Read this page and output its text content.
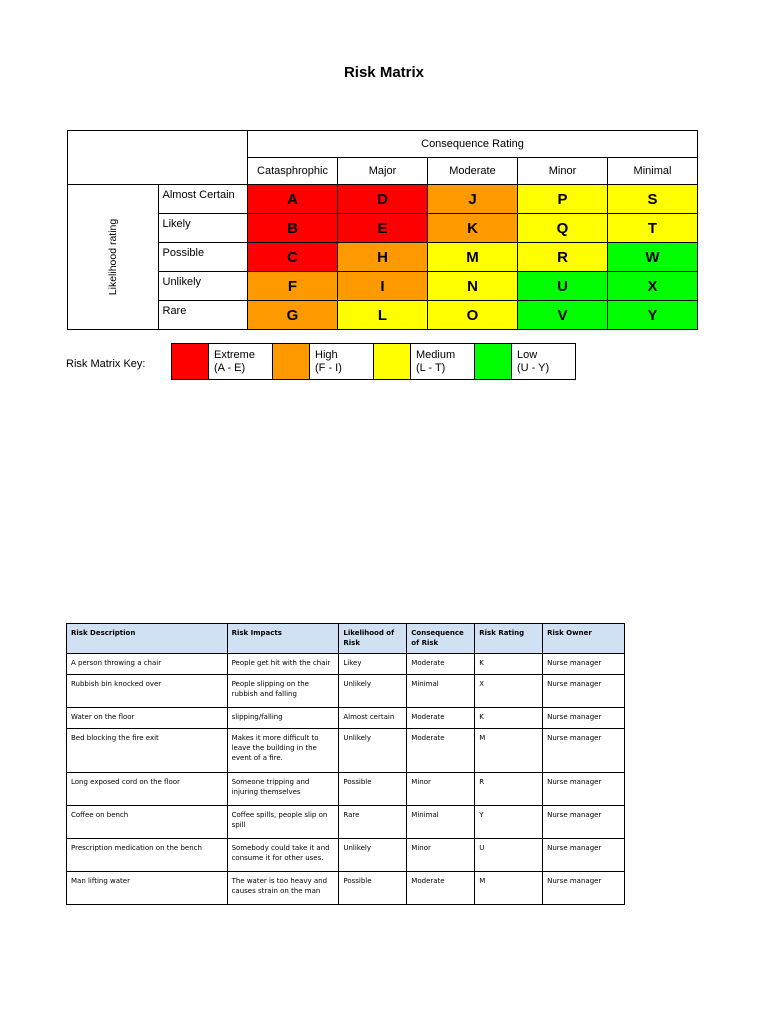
Risk Matrix
		Consequence Rating				
		Catasphrophic	Major	Moderate	Minor	Minimal

Likelihood rating	Almost Certain	A	D	J	P	S
	Likely	B	E	K	Q	T
	Possible	C	H	M	R	W
	Unlikely	F	I	N	U	X
	Rare	G	L	O	V	Y
Risk Matrix Key:

Extreme
(A - E)

High
(F - I)

Medium
(L - T)

Low
(U - Y)
Risk Description	Risk Impacts	Likelihood of Risk	Consequence of Risk	Risk Rating	Risk Owner
A person throwing a chair	People get hit with the chair	Likey	Moderate	K	Nurse manager
Rubbish bin knocked over	People slipping on the rubbish and falling	Unlikely	Minimal	X	Nurse manager
Water on the floor	slipping/falling	Almost certain	Moderate	K	Nurse manager
Bed blocking the fire exit	Makes it more difficult to leave the building in the event of a fire.	Unlikely	Moderate	M	Nurse manager
Long exposed cord on the floor	Someone tripping and injuring themselves	Possible	Minor	R	Nurse manager
Coffee on bench	Coffee spills, people slip on spill	Rare	Minimal	Y	Nurse manager
Prescription medication on the bench	Somebody could take it and consume it for other uses.	Unlikely	Minor	U	Nurse manager
Man lifting water	The water is too heavy and causes strain on the man	Possible	Moderate	M	Nurse manager
